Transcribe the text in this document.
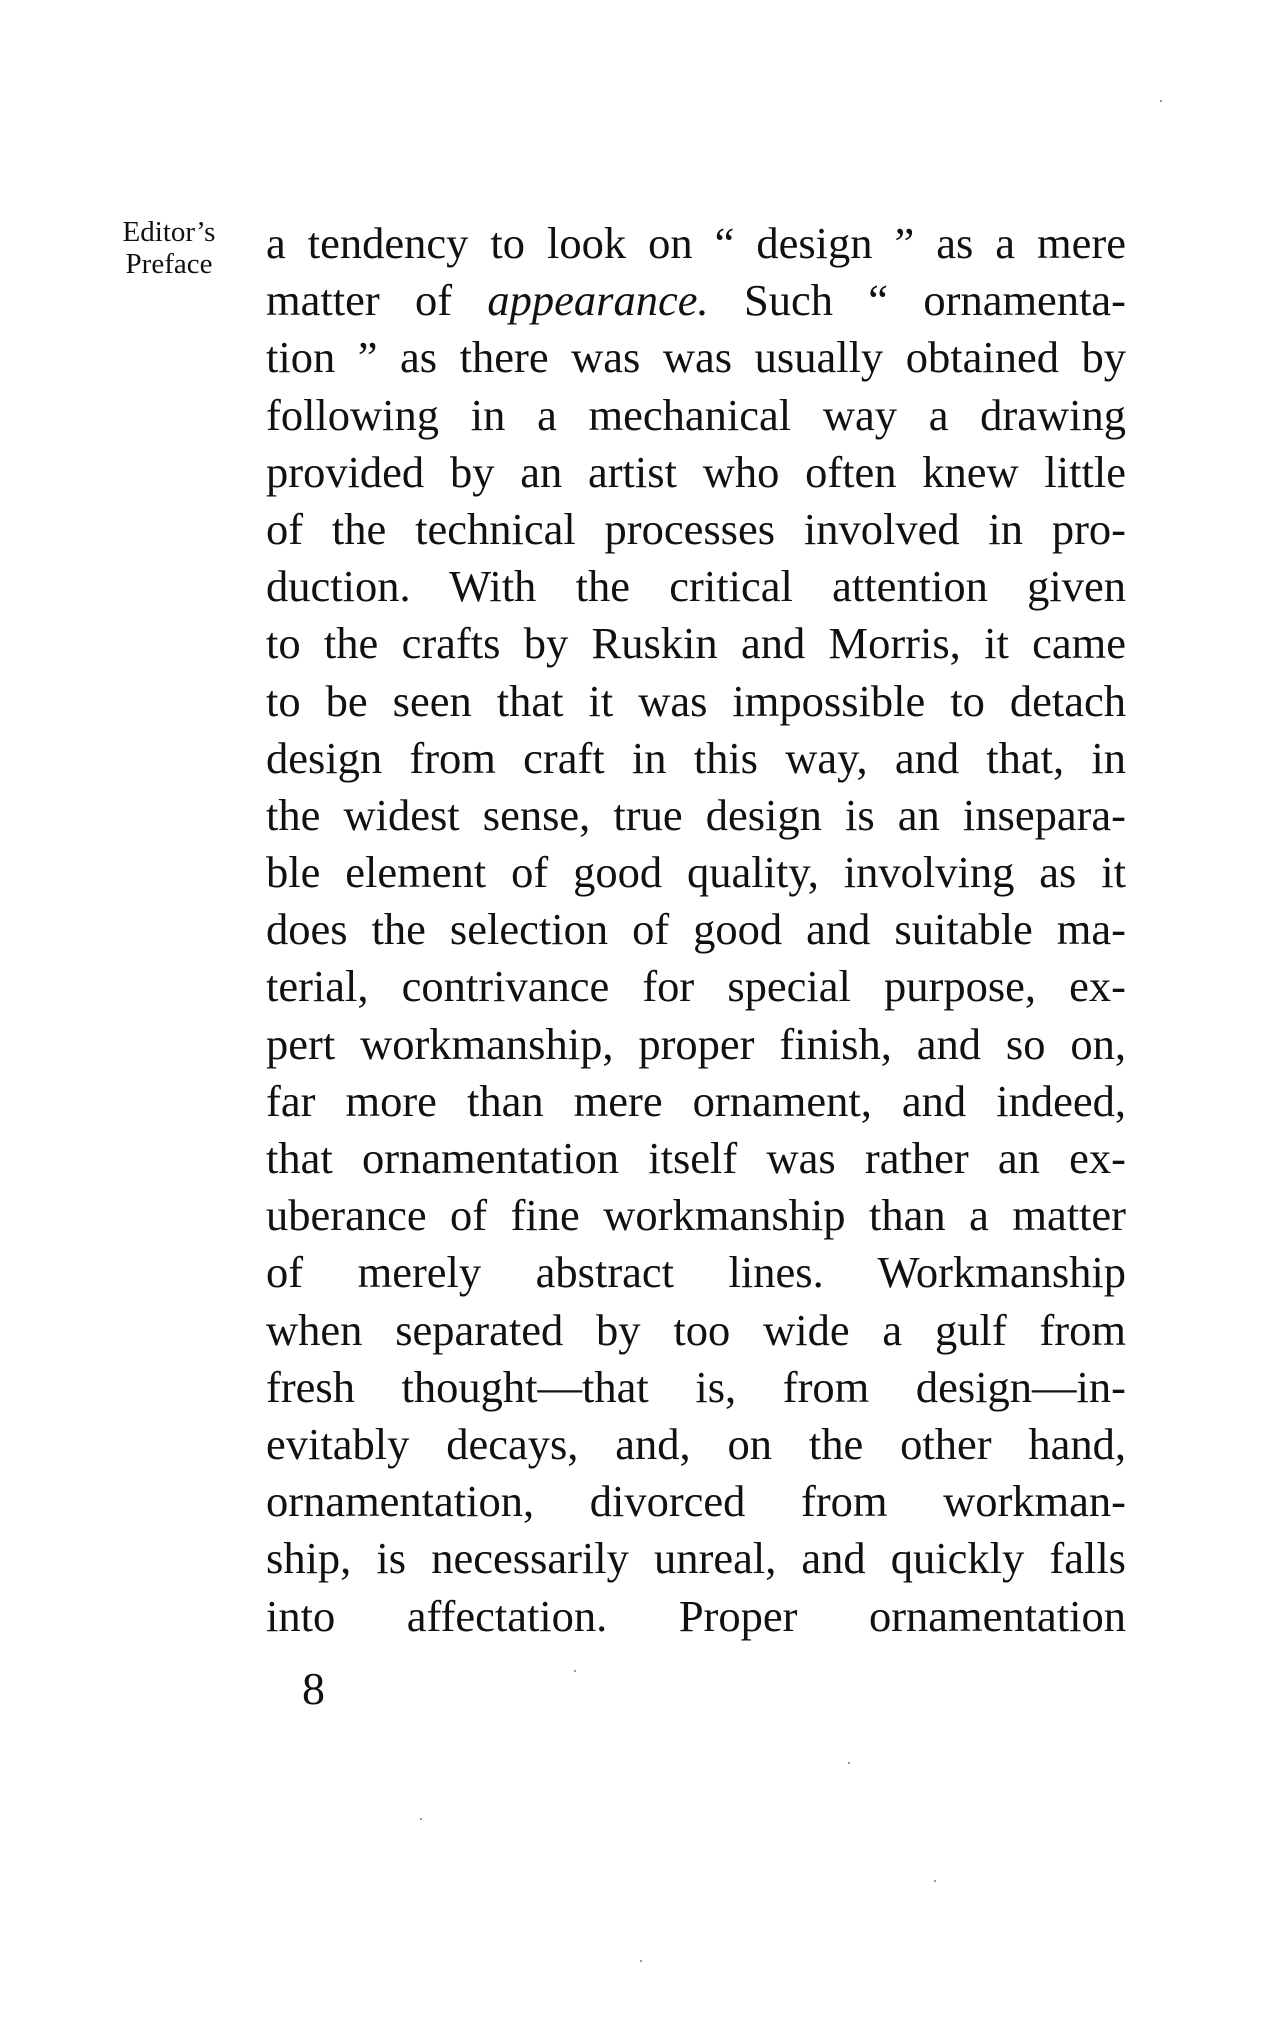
Editor’s
Preface	a tendency to look on “ design ” as a mere
matter of appearance. Such “ ornamenta-
tion ” as there was was usually obtained by
following in a mechanical way a drawing
provided by an artist who often knew little
of the technical processes involved in pro-
duction. With the critical attention given
to the crafts by Ruskin and Morris, it came
to be seen that it was impossible to detach
design from craft in this way, and that, in
the widest sense, true design is an insepara-
ble element of good quality, involving as it
does the selection of good and suitable ma-
terial, contrivance for special purpose, ex-
pert workmanship, proper finish, and so on,
far more than mere ornament, and indeed,
that ornamentation itself was rather an ex-
uberance of fine workmanship than a matter
of merely abstract lines. Workmanship
when separated by too wide a gulf from
fresh thought—that is, from design—in-
evitably decays, and, on the other hand,
ornamentation, divorced from workman-
ship, is necessarily unreal, and quickly falls
into affectation. Proper ornamentation
8
